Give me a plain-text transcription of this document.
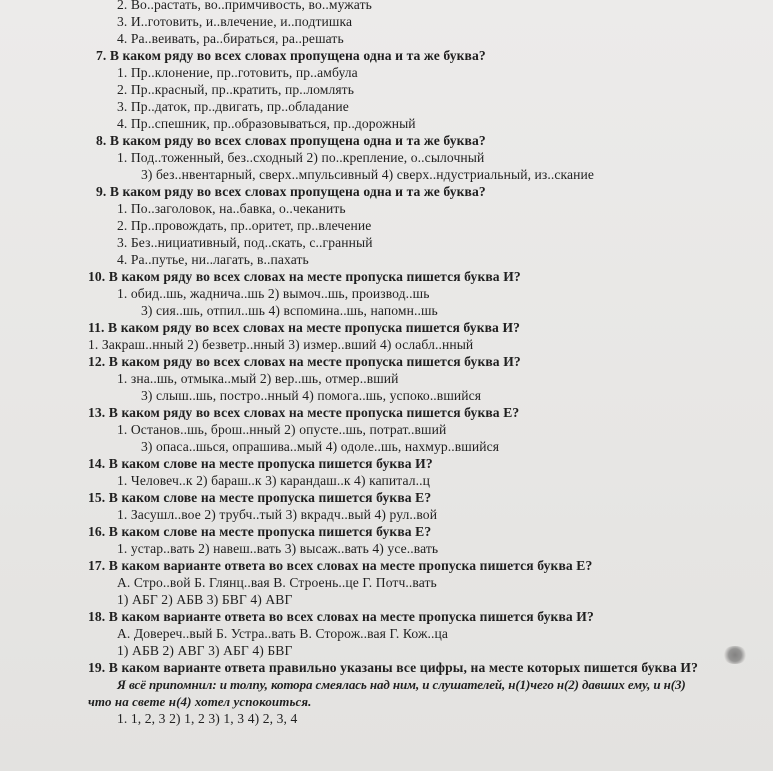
2. Во..растать, во..примчивость, во..мужать
3. И..готовить, и..влечение, и..подтишка
4. Ра..веивать, ра..бираться, ра..решать
7. В каком ряду во всех словах пропущена одна и та же буква?
1. Пр..клонение, пр..готовить, пр..амбула
2. Пр..красный, пр..кратить, пр..ломлять
3. Пр..даток, пр..двигать, пр..обладание
4. Пр..спешник, пр..образовываться, пр..дорожный
8. В каком ряду во всех словах пропущена одна и та же буква?
1. Под..тоженный, без..сходный 2) по..крепление, о..сылочный
3) без..нвентарный, сверх..мпульсивный 4) сверх..ндустриальный, из..скание
9. В каком ряду во всех словах пропущена одна и та же буква?
1. По..заголовок, на..бавка, о..чеканить
2. Пр..провождать, пр..оритет, пр..влечение
3. Без..нициативный, под..скать, с..гранный
4. Ра..путье, ни..лагать, в..пахать
10. В каком ряду во всех словах на месте пропуска пишется буква И?
1. обид..шь, жаднича..шь 2) вымоч..шь, производ..шь
3) сия..шь, отпил..шь 4) вспомина..шь, напомн..шь
11. В каком ряду во всех словах на месте пропуска пишется буква И?
1. Закраш..нный 2) безветр..нный 3) измер..вший 4) ослабл..нный
12. В каком ряду во всех словах на месте пропуска пишется буква И?
1. зна..шь, отмыка..мый 2) вер..шь, отмер..вший
3) слыш..шь, постро..нный 4) помога..шь, успоко..вшийся
13. В каком ряду во всех словах на месте пропуска пишется буква Е?
1. Останов..шь, брош..нный 2) опусте..шь, потрат..вший
3) опаса..шься, опрашива..мый 4) одоле..шь, нахмур..вшийся
14. В каком слове на месте пропуска пишется буква И?
1. Человеч..к 2) бараш..к 3) карандаш..к 4) капитал..ц
15. В каком слове на месте пропуска пишется буква Е?
1. Засушл..вое 2) трубч..тый 3) вкрадч..вый 4) рул..вой
16. В каком слове на месте пропуска пишется буква Е?
1. устар..вать 2) навеш..вать 3) высаж..вать 4) усе..вать
17. В каком варианте ответа во всех словах на месте пропуска пишется буква Е?
А. Стро..вой Б. Глянц..вая В. Строень..це Г. Потч..вать
1) АБГ 2) АБВ 3) БВГ 4) АВГ
18. В каком варианте ответа во всех словах на месте пропуска пишется буква И?
А. Довереч..вый Б. Устра..вать В. Сторож..вая Г. Кож..ца
1) АБВ 2) АВГ 3) АБГ 4) БВГ
19. В каком варианте ответа правильно указаны все цифры, на месте которых пишется буква И?
Я всё припомнил: и толпу, котора смеялась над ним, и слушателей, н(1)чего н(2) давших ему, и н(3)
что на свете н(4) хотел успокоиться.
1. 1, 2, 3 2) 1, 2 3) 1, 3 4) 2, 3, 4
